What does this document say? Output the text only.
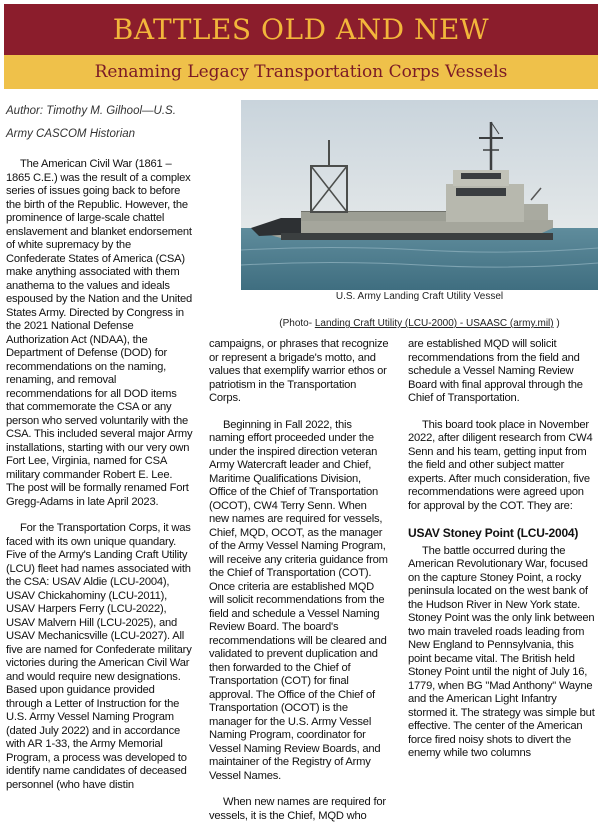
BATTLES OLD AND NEW
Renaming Legacy Transportation Corps Vessels
Author: Timothy M. Gilhool—U.S.
Army CASCOM Historian
U.S. Army Landing Craft Utility Vessel
(Photo- Landing Craft Utility (LCU-2000) - USAASC (army.mil) )

The American Civil War (1861 – 1865 C.E.) was the result of a complex series of issues going back to before the birth of the Republic. However, the prominence of large-scale chattel enslavement and blanket endorsement of white supremacy by the Confederate States of America (CSA) make anything associated with them anathema to the values and ideals espoused by the Nation and the United States Army. Directed by Congress in the 2021 National Defense Authorization Act (NDAA), the Department of Defense (DOD) for recommendations on the naming, renaming, and removal recommendations for all DOD items that commemorate the CSA or any person who served voluntarily with the CSA. This included several major Army installations, starting with our very own Fort Lee, Virginia, named for CSA military commander Robert E. Lee. The post will be formally renamed Fort Gregg-Adams in late April 2023.

For the Transportation Corps, it was faced with its own unique quandary. Five of the Army's Landing Craft Utility (LCU) fleet had names associated with the CSA: USAV Aldie (LCU-2004), USAV Chickahominy (LCU-2011), USAV Harpers Ferry (LCU-2022), USAV Malvern Hill (LCU-2025), and USAV Mechanicsville (LCU-2027). All five are named for Confederate military victories during the American Civil War and would require new designations. Based upon guidance provided through a Letter of Instruction for the U.S. Army Vessel Naming Program (dated July 2022) and in accordance with AR 1-33, the Army Memorial Program, a process was developed to identify name candidates of deceased personnel (who have distin

campaigns, or phrases that recognize or represent a brigade's motto, and values that exemplify warrior ethos or patriotism in the Transportation Corps.

Beginning in Fall 2022, this naming effort proceeded under the under the inspired direction veteran Army Watercraft leader and Chief, Maritime Qualifications Division, Office of the Chief of Transportation (OCOT), CW4 Terry Senn. When new names are required for vessels, Chief, MQD, OCOT, as the manager of the Army Vessel Naming Program, will receive any criteria guidance from the Chief of Transportation (COT). Once criteria are established MQD will solicit recommendations from the field and schedule a Vessel Naming Review Board. The board's recommendations will be cleared and validated to prevent duplication and then forwarded to the Chief of Transportation (COT) for final approval. The Office of the Chief of Transportation (OCOT) is the manager for the U.S. Army Vessel Naming Program, coordinator for Vessel Naming Review Boards, and maintainer of the Registry of Army Vessel Names.

When new names are required for vessels, it is the Chief, MQD who

are established MQD will solicit recommendations from the field and schedule a Vessel Naming Review Board with final approval through the Chief of Transportation.

This board took place in November 2022, after diligent research from CW4 Senn and his team, getting input from the field and other subject matter experts. After much consideration, five recommendations were agreed upon for approval by the COT. They are:

USAV Stoney Point (LCU-2004)

The battle occurred during the American Revolutionary War, focused on the capture Stoney Point, a rocky peninsula located on the west bank of the Hudson River in New York state. Stoney Point was the only link between two main traveled roads leading from New England to Pennsylvania, this point became vital. The British held Stoney Point until the night of July 16, 1779, when BG "Mad Anthony" Wayne and the American Light Infantry stormed it. The strategy was simple but effective. The center of the American force fired noisy shots to divert the enemy while two columns
